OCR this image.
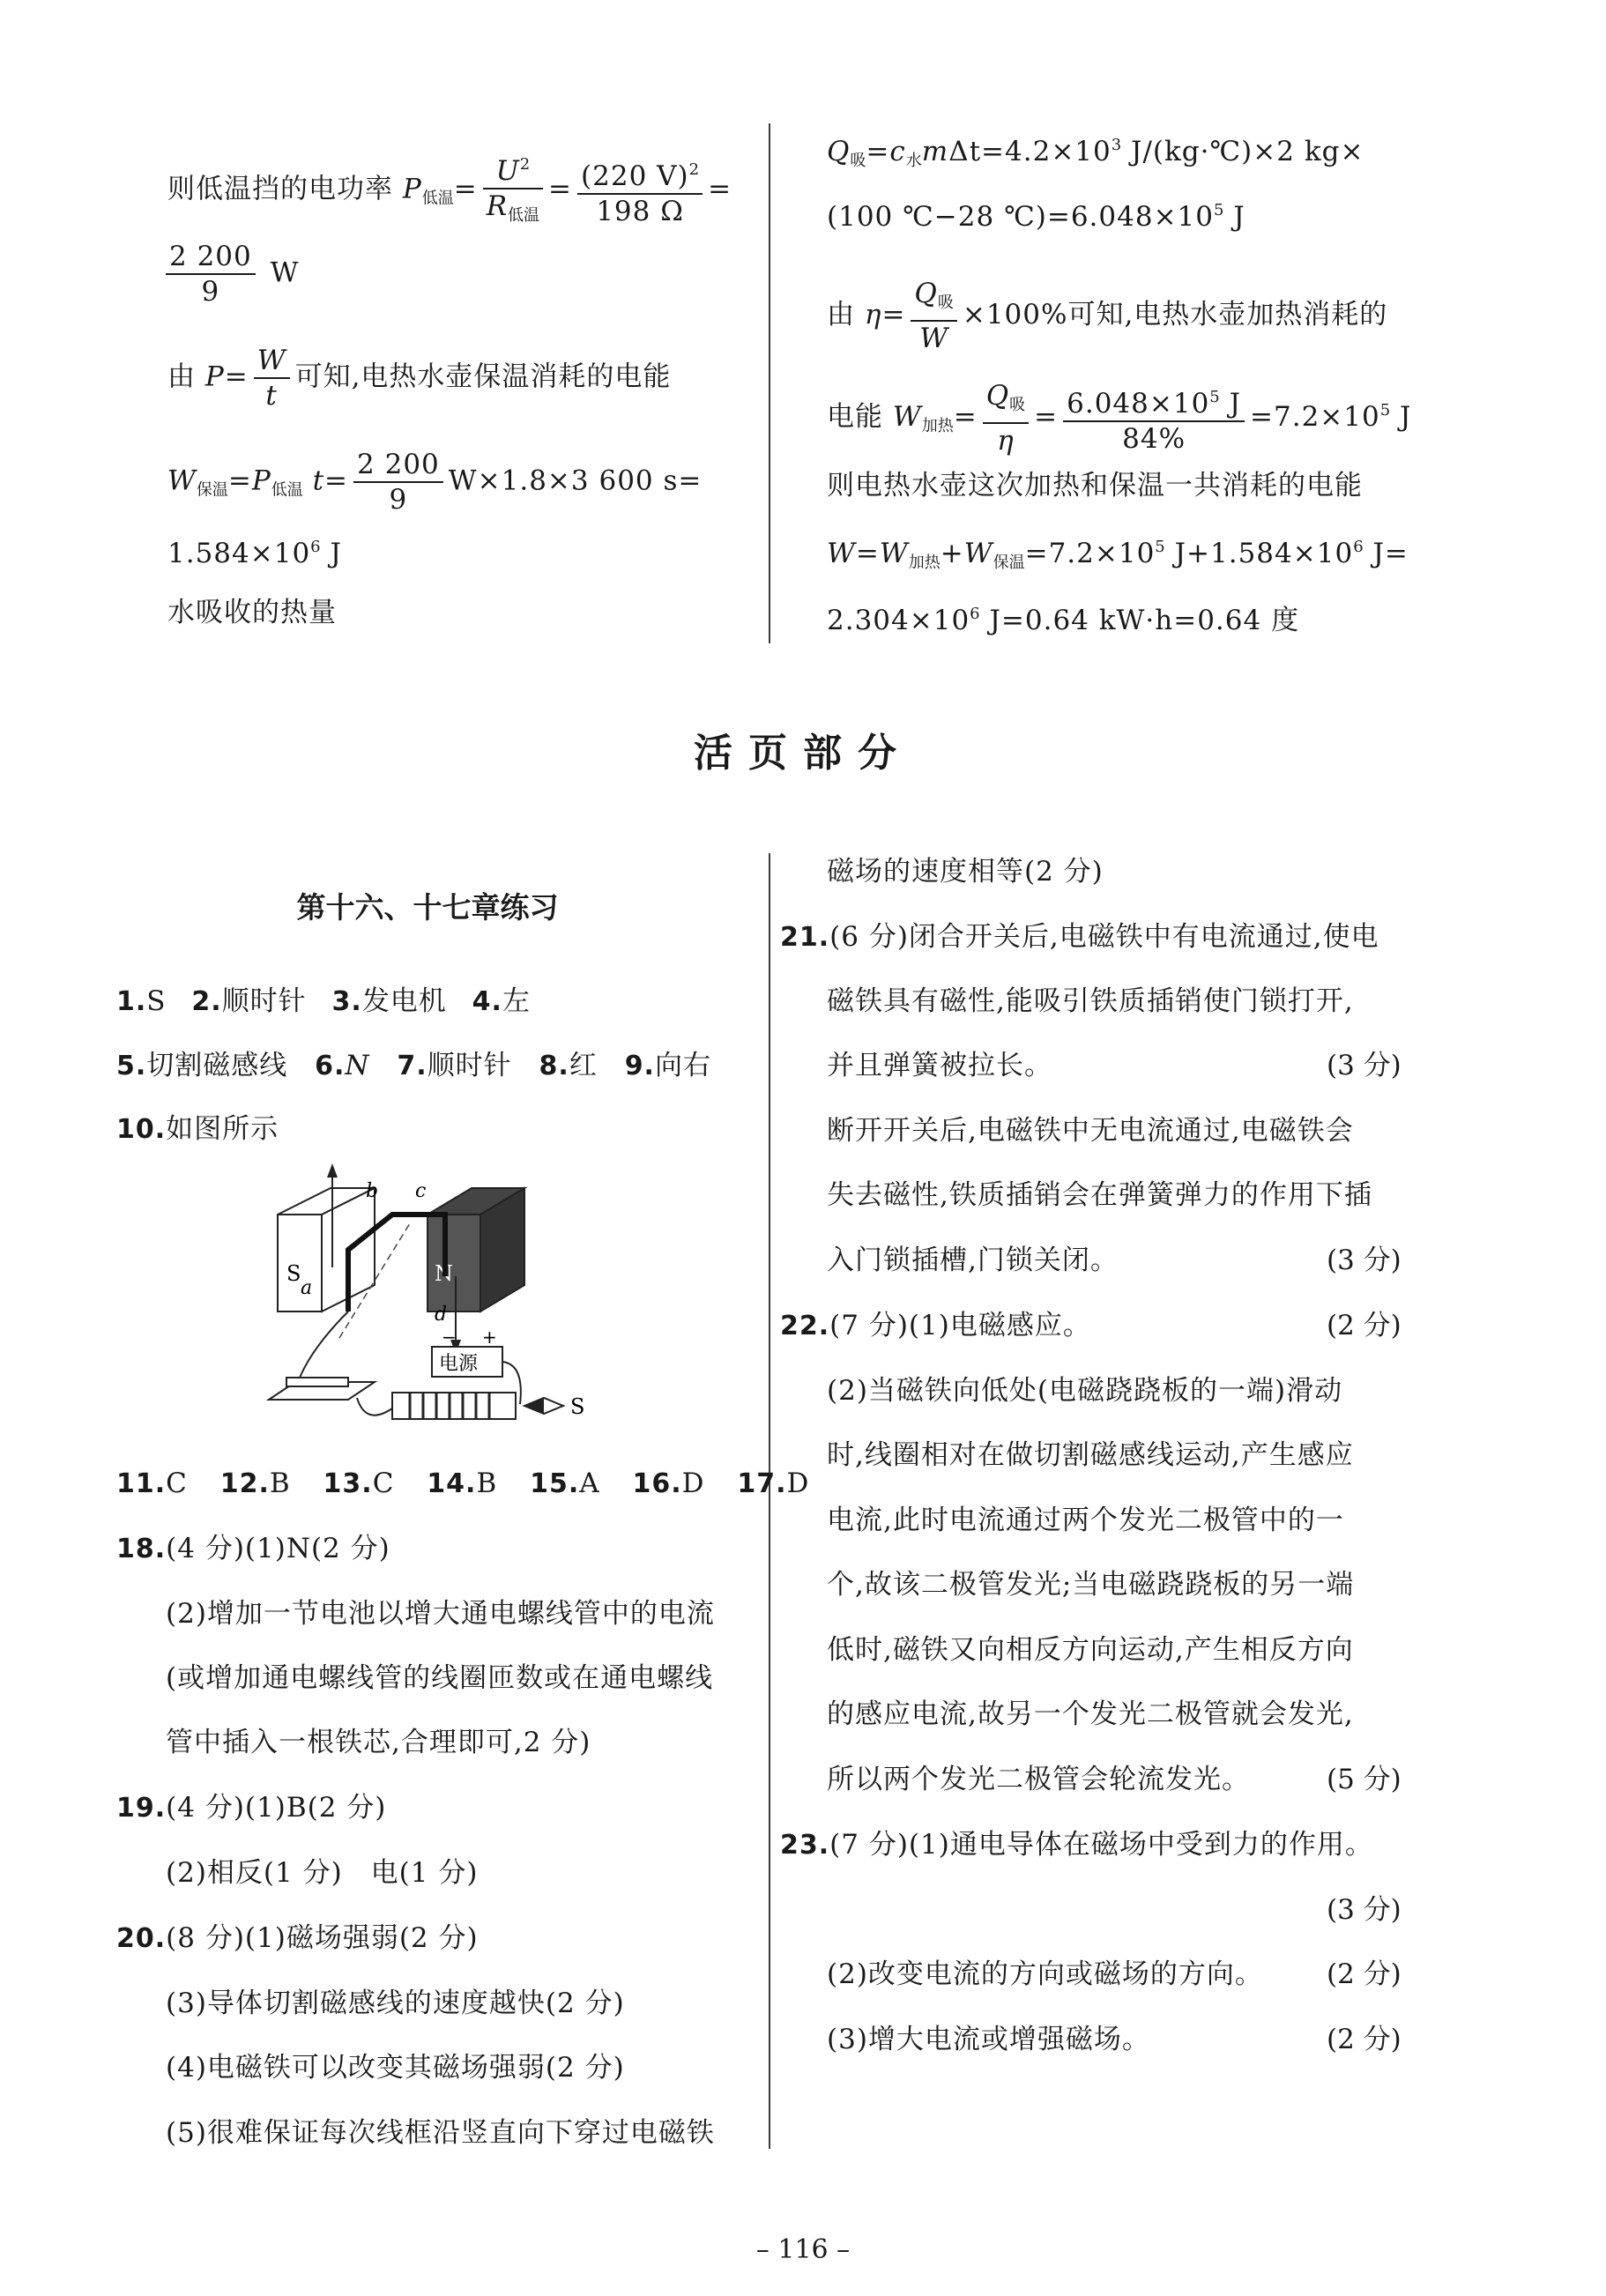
则低温挡的电功率 $P_{低温}= \frac{U^2}{R_{低温}} = \frac{(220 V)^2}{198 \Omega}$ =
$\frac{2 200}{9}$ W
由 $P= \frac{W}{t}$ 可知,电热水壶保温消耗的电能
$W_{保温}=P_{低温}$ $t= \frac{2 200}{9} W\times 1.8\times 3$ 600 s=
$1.584\times 10^6$ J
水吸收的热量
$Q_吸=c_水m\Delta t=4.2\times 10^3$ J/(kg·℃)×2 kg×
(100 ℃−28 $℃)=6.048\times 10^5$ J
由 $\eta= \frac{Q_吸}{W} \times 100\%$可知,电热水壶加热消耗的
电能 $W_{加热}= \frac{Q_吸}{\eta} = \frac{6.048\times 10^5 J}{84\%} =7.2\times 10^5$ J
则电热水壶这次加热和保温一共消耗的电能
$W=W_{加热}+W_{保温}=7.2\times 10^5$ $J+1.584\times 10^6$ J=
$2.304\times 10^6$ J=0.64 kW·h=0.64 度
活页部分
第十六、十七章练习
1.S 2.顺时针 3.发电机 4.左
5.切割磁感线 6.N 7.顺时针 8.红 9.向右
10.如图所示
S	N
a
b c
d
电源
− +
S
11.C 12.B 13.C 14.B 15.A 16.D 17.D
18.(4 分)(1)N(2 分)
(2)增加一节电池以增大通电螺线管中的电流
(或增加通电螺线管的线圈匝数或在通电螺线
管中插入一根铁芯,合理即可,2 分)
19.(4 分)(1)B(2 分)
(2)相反(1 分)　电(1 分)
20.(8 分)(1)磁场强弱(2 分)
(3)导体切割磁感线的速度越快(2 分)
(4)电磁铁可以改变其磁场强弱(2 分)
(5)很难保证每次线框沿竖直向下穿过电磁铁
磁场的速度相等(2 分)
21.(6 分)闭合开关后,电磁铁中有电流通过,使电
磁铁具有磁性,能吸引铁质插销使门锁打开,
并且弹簧被拉长。	(3 分)
断开开关后,电磁铁中无电流通过,电磁铁会
失去磁性,铁质插销会在弹簧弹力的作用下插
入门锁插槽,门锁关闭。	(3 分)
22.(7 分)(1)电磁感应。	(2 分)
(2)当磁铁向低处(电磁跷跷板的一端)滑动
时,线圈相对在做切割磁感线运动,产生感应
电流,此时电流通过两个发光二极管中的一
个,故该二极管发光;当电磁跷跷板的另一端
低时,磁铁又向相反方向运动,产生相反方向
的感应电流,故另一个发光二极管就会发光,
所以两个发光二极管会轮流发光。	(5 分)
23.(7 分)(1)通电导体在磁场中受到力的作用。
(3 分)
(2)改变电流的方向或磁场的方向。 (2 分)
(3)增大电流或增强磁场。	(2 分)
– 116 –
